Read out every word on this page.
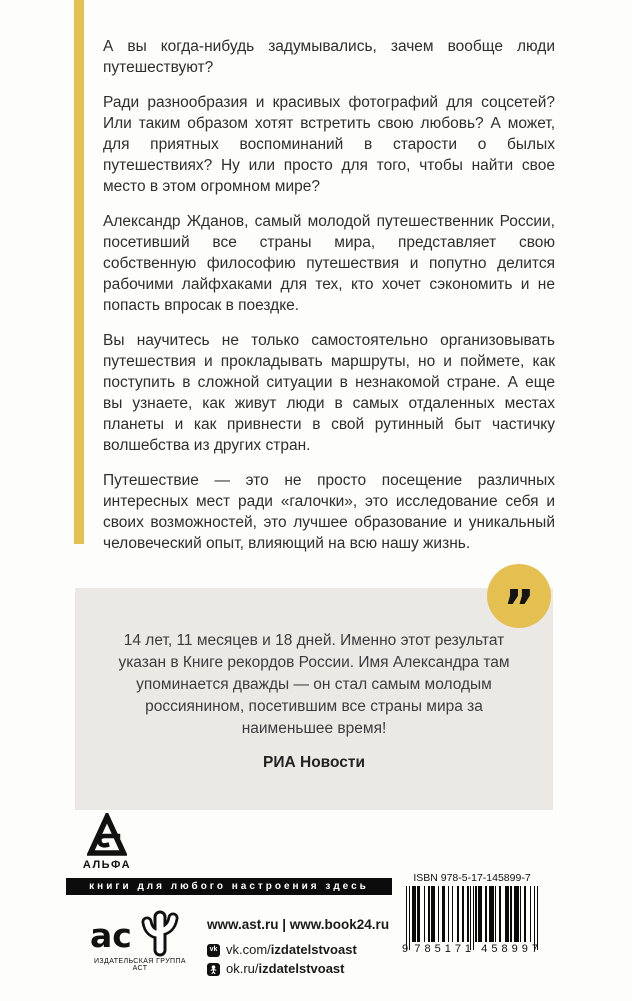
А вы когда-нибудь задумывались, зачем вообще люди путешествуют?

Ради разнообразия и красивых фотографий для соцсетей? Или таким образом хотят встретить свою любовь? А может, для приятных воспоминаний в старости о былых путешествиях? Ну или просто для того, чтобы найти свое место в этом огромном мире?

Александр Жданов, самый молодой путешественник России, посетивший все страны мира, представляет свою собственную философию путешествия и попутно делится рабочими лайфхаками для тех, кто хочет сэкономить и не попасть впросак в поездке.

Вы научитесь не только самостоятельно организовывать путешествия и прокладывать маршруты, но и поймете, как поступить в сложной ситуации в незнакомой стране. А еще вы узнаете, как живут люди в самых отдаленных местах планеты и как привнести в свой рутинный быт частичку волшебства из других стран.

Путешествие — это не просто посещение различных интересных мест ради «галочки», это исследование себя и своих возможностей, это лучшее образование и уникальный человеческий опыт, влияющий на всю нашу жизнь.

14 лет, 11 месяцев и 18 дней. Именно этот результат указан в Книге рекордов России. Имя Александра там упоминается дважды — он стал самым молодым россиянином, посетившим все страны мира за наименьшее время!
РИА Новости
”
АЛЬФА
книги для любого настроения здесь
ас
ИЗДАТЕЛЬСКАЯ ГРУППА АСТ
www.ast.ru | www.book24.ru
vk vk.com/izdatelstvoast
ok.ru/izdatelstvoast
ISBN 978-5-17-145899-7
9 785171 458997
